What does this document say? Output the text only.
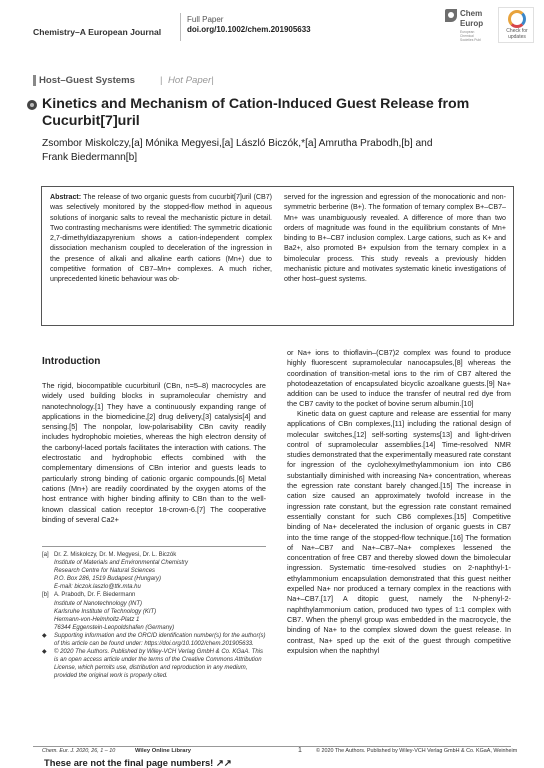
Chemistry–A European Journal
Full Paper
doi.org/10.1002/chem.201905633
Chem
Europ
European
Chemical
Societies Publ
Check for updates
Host–Guest Systems	| Hot Paper|
Kinetics and Mechanism of Cation-Induced Guest Release from Cucurbit[7]uril
Zsombor Miskolczy,[a] Mónika Megyesi,[a] László Biczók,*[a] Amrutha Prabodh,[b] and
Frank Biedermann[b]
Abstract: The release of two organic guests from cucurbit[7]uril (CB7) was selectively monitored by the stopped-flow method in aqueous solutions of inorganic salts to reveal the mechanistic picture in detail. Two contrasting mechanisms were identified: The symmetric dicationic 2,7-dimethyldiazapyrenium shows a cation-independent complex dissociation mechanism coupled to deceleration of the ingression in the presence of alkali and alkaline earth cations (Mn+) due to competitive formation of CB7–Mn+ complexes. A much richer, unprecedented kinetic behaviour was ob-
served for the ingression and egression of the monocationic and non-symmetric berberine (B+). The formation of ternary complex B+–CB7–Mn+ was unambiguously revealed. A difference of more than two orders of magnitude was found in the equilibrium constants of Mn+ binding to B+–CB7 inclusion complex. Large cations, such as K+ and Ba2+, also promoted B+ expulsion from the ternary complex in a bimolecular process. This study reveals a previously hidden mechanistic picture and motivates systematic kinetic investigations of other host–guest systems.
Introduction
The rigid, biocompatible cucurbituril (CBn, n=5–8) macrocycles are widely used building blocks in supramolecular chemistry and nanotechnology.[1] They have a continuously expanding range of applications in the biomedicine,[2] drug delivery,[3] catalysis[4] and sensing.[5] The nonpolar, low-polarisability CBn cavity readily includes hydrophobic moieties, whereas the high electron density of the carbonyl-laced portals facilitates the interaction with cations. The electrostatic and hydrophobic effects combined with the complementary dimensions of CBn interior and guests leads to particularly strong binding of cationic organic compounds.[6] Metal cations (Mn+) are readily coordinated by the oxygen atoms of the host entrance with higher binding affinity to CBn than to the well-known classical cation receptor 18-crown-6.[7] The cooperative binding of several Ca2+
or Na+ ions to thioflavin–(CB7)2 complex was found to produce highly fluorescent supramolecular nanocapsules,[8] whereas the coordination of transition-metal ions to the rim of CB7 altered the photodeazetation of encapsulated bicyclic azoalkane guests.[9] Na+ addition can be used to induce the transfer of neutral red dye from the CB7 cavity to the pocket of bovine serum albumin.[10]
Kinetic data on guest capture and release are essential for many applications of CBn complexes,[11] including the rational design of molecular switches,[12] self-sorting systems[13] and light-driven control of supramolecular assemblies.[14] Time-resolved NMR studies demonstrated that the experimentally measured rate constant for ingression of the cyclohexylmethylammonium ion into CB6 substantially diminished with increasing Na+ concentration, whereas the egression rate constant barely changed.[15] The increase in cation size caused an approximately twofold increase in the ingression rate constant, but the egression rate constant remained essentially constant for such CB6 complexes.[15] Competitive binding of Na+ decelerated the inclusion of organic guests in CB7 into the time range of the stopped-flow technique.[16] The formation of Na+–CB7 and Na+–CB7–Na+ complexes lessened the concentration of free CB7 and thereby slowed down the bimolecular ingression. Systematic time-resolved studies on 2-naphthyl-1-ethylammonium encapsulation demonstrated that this guest neither expelled Na+ nor produced a ternary complex in the reactions with Na+–CB7.[17] A ditopic guest, namely the N-phenyl-2-naphthylammonium cation, produced two types of 1:1 complex with CB7. When the phenyl group was embedded in the macrocycle, the binding of Na+ to the complex slowed down the guest release. In contrast, Na+ sped up the exit of the guest through competitive expulsion when the naphthyl
[a] Dr. Z. Miskolczy, Dr. M. Megyesi, Dr. L. Biczók
Institute of Materials and Environmental Chemistry
Research Centre for Natural Sciences
P.O. Box 286, 1519 Budapest (Hungary)
E-mail: biczok.laszlo@ttk.mta.hu
[b] A. Prabodh, Dr. F. Biedermann
Institute of Nanotechnology (INT)
Karlsruhe Institute of Technology (KIT)
Hermann-von-Helmholtz-Platz 1
76344 Eggenstein-Leopoldshafen (Germany)
◆	Supporting information and the ORCID identification number(s) for the author(s) of this article can be found under: https://doi.org/10.1002/chem.201905633.
◆	© 2020 The Authors. Published by Wiley-VCH Verlag GmbH & Co. KGaA. This is an open access article under the terms of the Creative Commons Attribution License, which permits use, distribution and reproduction in any medium, provided the original work is properly cited.
Chem. Eur. J. 2020, 26, 1 – 10	Wiley Online Library	1	© 2020 The Authors. Published by Wiley-VCH Verlag GmbH & Co. KGaA, Weinheim
These are not the final page numbers! ↗↗
